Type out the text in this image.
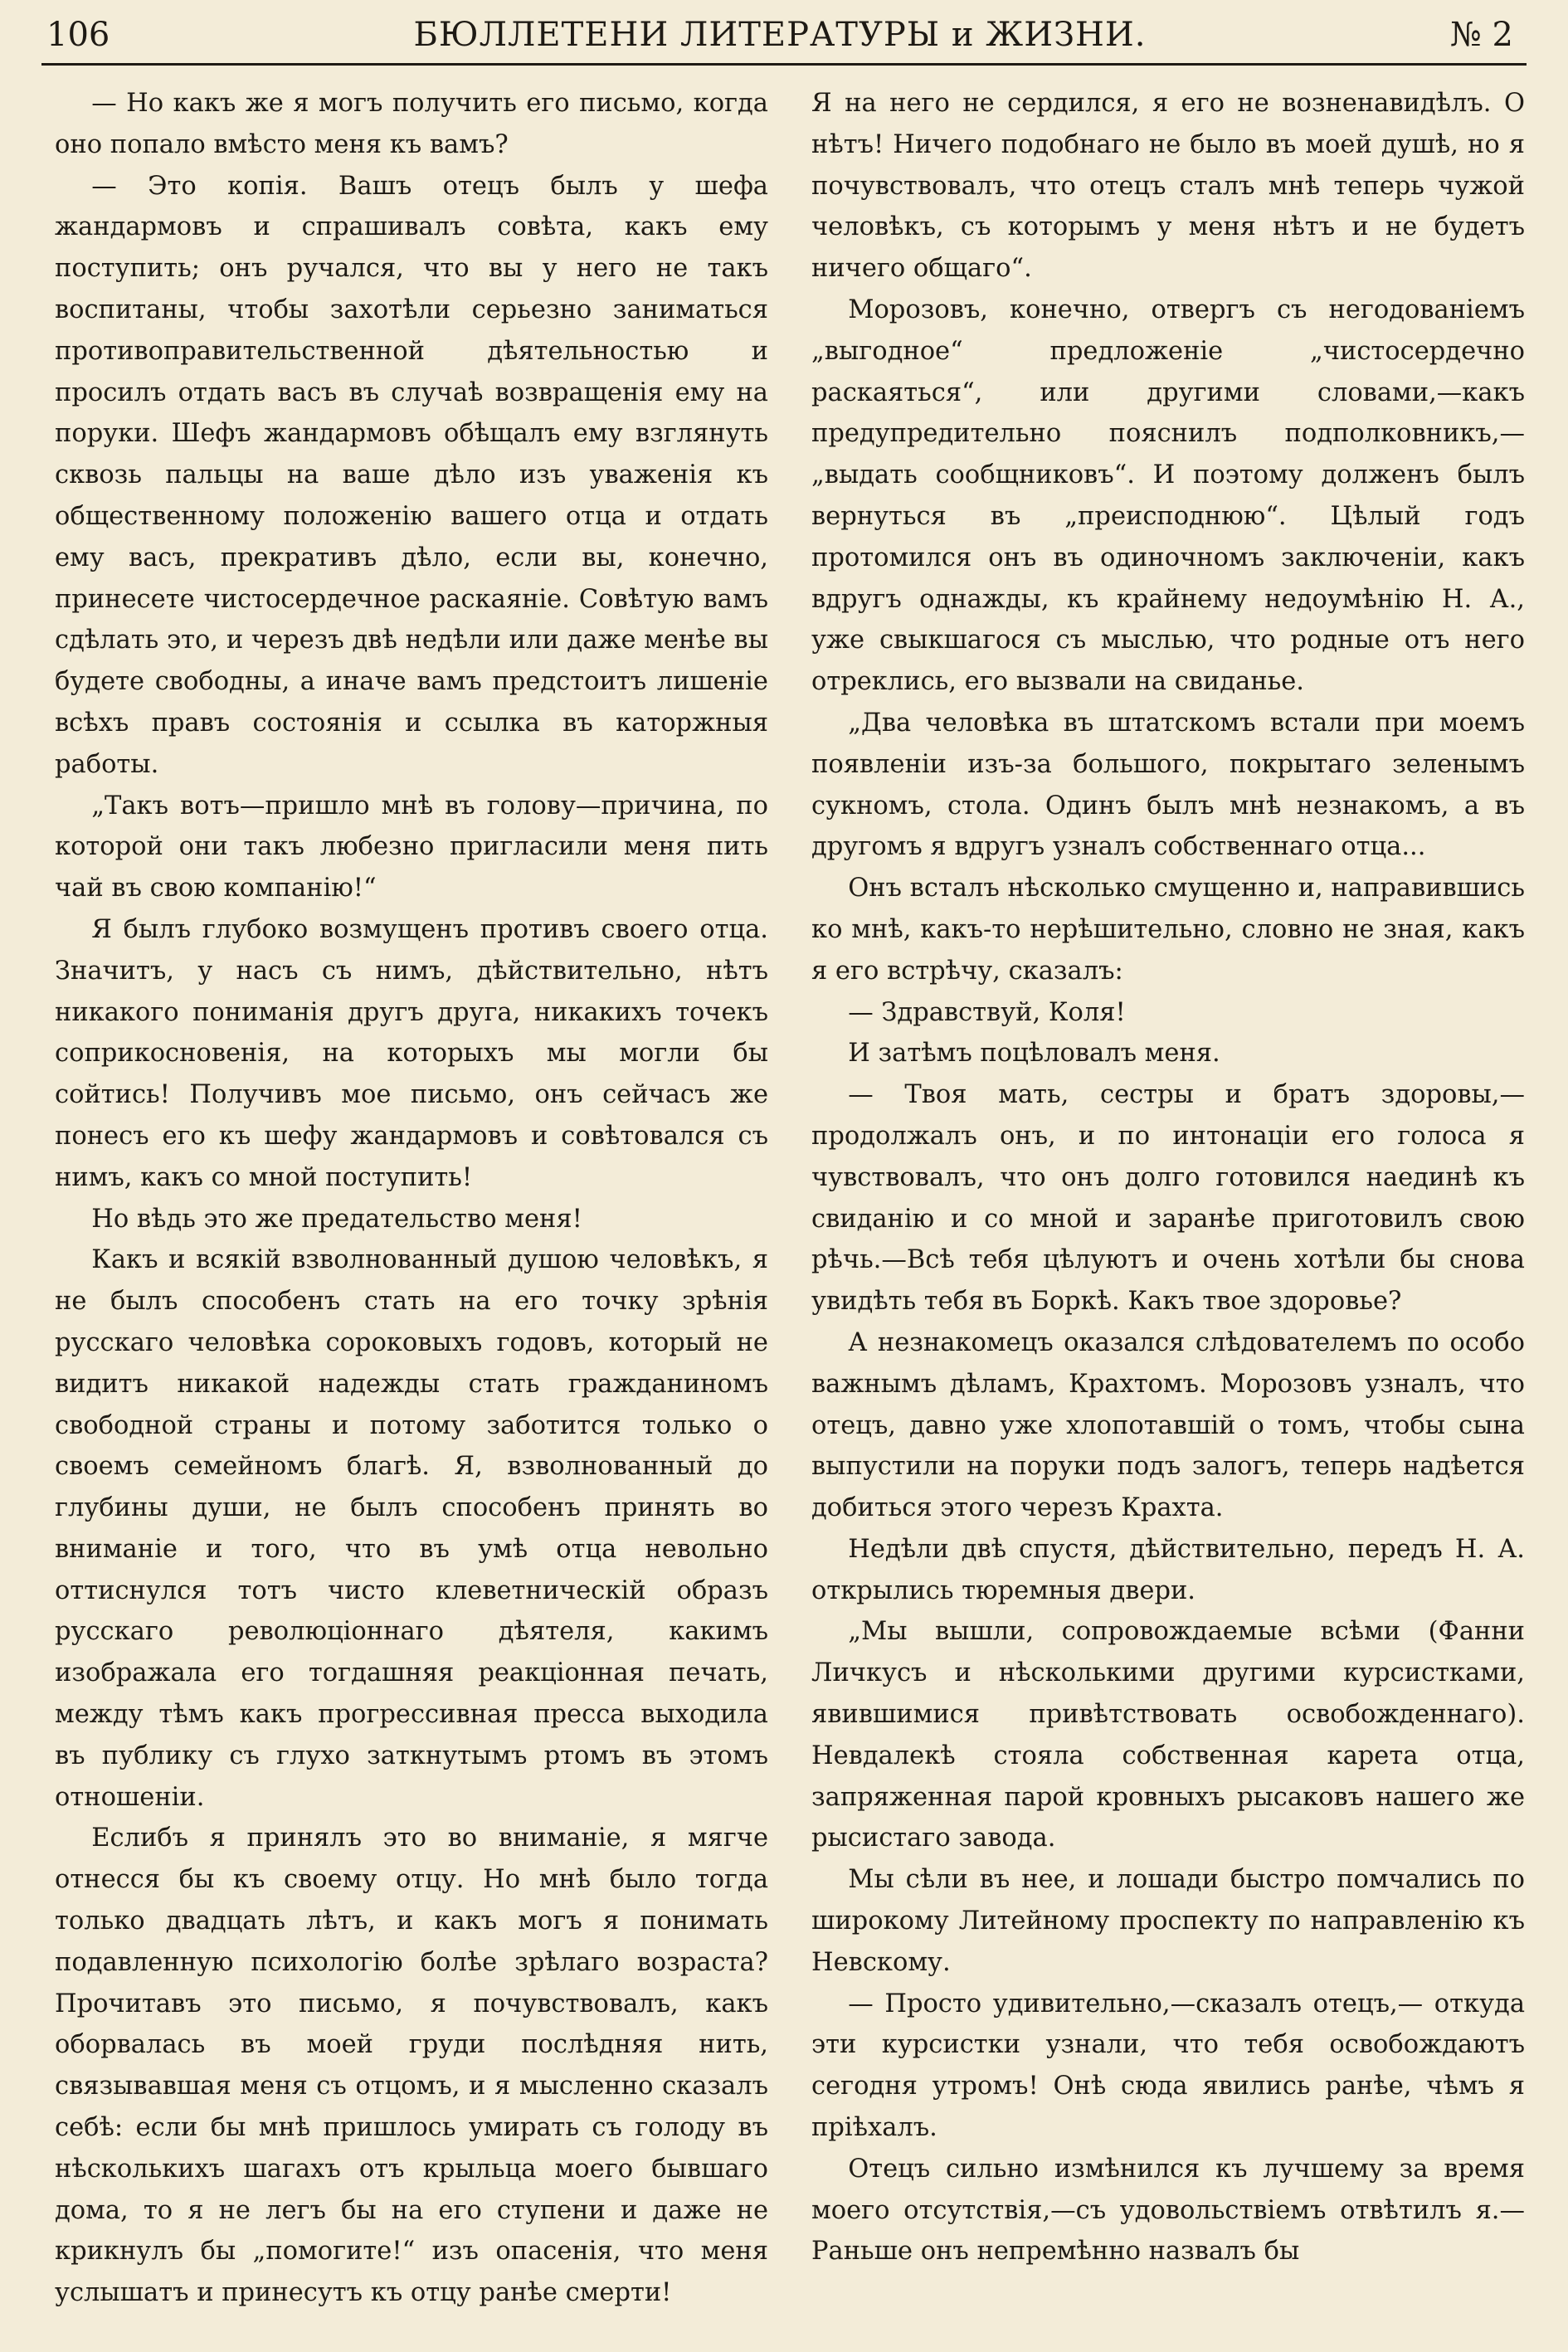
106	БЮЛЛЕТЕНИ ЛИТЕРАТУРЫ и ЖИЗНИ.	№ 2

— Но какъ же я могъ получить его письмо, когда оно попало вмѣсто меня къ вамъ?

— Это копія. Вашъ отецъ былъ у шефа жандармовъ и спрашивалъ совѣта, какъ ему поступить; онъ ручался, что вы у него не такъ воспитаны, чтобы захотѣли серьезно заниматься противоправительственной дѣятельностью и просилъ отдать васъ въ случаѣ возвращенія ему на поруки. Шефъ жандармовъ обѣщалъ ему взглянуть сквозь пальцы на ваше дѣло изъ уваженія къ общественному положенію вашего отца и отдать ему васъ, прекративъ дѣло, если вы, конечно, принесете чистосердечное раскаяніе. Совѣтую вамъ сдѣлать это, и черезъ двѣ недѣли или даже менѣе вы будете свободны, а иначе вамъ предстоитъ лишеніе всѣхъ правъ состоянія и ссылка въ каторжныя работы.

„Такъ вотъ—пришло мнѣ въ голову—причина, по которой они такъ любезно пригласили меня пить чай въ свою компанію!“

Я былъ глубоко возмущенъ противъ своего отца. Значитъ, у насъ съ нимъ, дѣйствительно, нѣтъ никакого пониманія другъ друга, никакихъ точекъ соприкосновенія, на которыхъ мы могли бы сойтись! Получивъ мое письмо, онъ сейчасъ же понесъ его къ шефу жандармовъ и совѣтовался съ нимъ, какъ со мной поступить!

Но вѣдь это же предательство меня!

Какъ и всякій взволнованный душою человѣкъ, я не былъ способенъ стать на его точку зрѣнія русскаго человѣка сороковыхъ годовъ, который не видитъ никакой надежды стать гражданиномъ свободной страны и потому заботится только о своемъ семейномъ благѣ. Я, взволнованный до глубины души, не былъ способенъ принять во вниманіе и того, что въ умѣ отца невольно оттиснулся тотъ чисто клеветническій образъ русскаго революціоннаго дѣятеля, какимъ изображала его тогдашняя реакціонная печать, между тѣмъ какъ прогрессивная пресса выходила въ публику съ глухо заткнутымъ ртомъ въ этомъ отношеніи.

Еслибъ я принялъ это во вниманіе, я мягче отнесся бы къ своему отцу. Но мнѣ было тогда только двадцать лѣтъ, и какъ могъ я понимать подавленную психологію болѣе зрѣлаго возраста? Прочитавъ это письмо, я почувствовалъ, какъ оборвалась въ моей груди послѣдняя нить, связывавшая меня съ отцомъ, и я мысленно сказалъ себѣ: если бы мнѣ пришлось умирать съ голоду въ нѣсколькихъ шагахъ отъ крыльца моего бывшаго дома, то я не легъ бы на его ступени и даже не крикнулъ бы „помогите!“ изъ опасенія, что меня услышатъ и принесутъ къ отцу ранѣе смерти!

Я на него не сердился, я его не возненавидѣлъ. О нѣтъ! Ничего подобнаго не было въ моей душѣ, но я почувствовалъ, что отецъ сталъ мнѣ теперь чужой человѣкъ, съ которымъ у меня нѣтъ и не будетъ ничего общаго“.

Морозовъ, конечно, отвергъ съ негодованіемъ „выгодное“ предложеніе „чистосердечно раскаяться“, или другими словами,—какъ предупредительно пояснилъ подполковникъ,—„выдать сообщниковъ“. И поэтому долженъ былъ вернуться въ „преисподнюю“. Цѣлый годъ протомился онъ въ одиночномъ заключеніи, какъ вдругъ однажды, къ крайнему недоумѣнію Н. А., уже свыкшагося съ мыслью, что родные отъ него отреклись, его вызвали на свиданье.

„Два человѣка въ штатскомъ встали при моемъ появленіи изъ-за большого, покрытаго зеленымъ сукномъ, стола. Одинъ былъ мнѣ незнакомъ, а въ другомъ я вдругъ узналъ собственнаго отца...

Онъ всталъ нѣсколько смущенно и, направившись ко мнѣ, какъ-то нерѣшительно, словно не зная, какъ я его встрѣчу, сказалъ:

— Здравствуй, Коля!

И затѣмъ поцѣловалъ меня.

— Твоя мать, сестры и братъ здоровы,— продолжалъ онъ, и по интонаціи его голоса я чувствовалъ, что онъ долго готовился наединѣ къ свиданію и со мной и заранѣе приготовилъ свою рѣчь.—Всѣ тебя цѣлуютъ и очень хотѣли бы снова увидѣть тебя въ Боркѣ. Какъ твое здоровье?

А незнакомецъ оказался слѣдователемъ по особо важнымъ дѣламъ, Крахтомъ. Морозовъ узналъ, что отецъ, давно уже хлопотавшій о томъ, чтобы сына выпустили на поруки подъ залогъ, теперь надѣется добиться этого черезъ Крахта.

Недѣли двѣ спустя, дѣйствительно, передъ Н. А. открылись тюремныя двери.

„Мы вышли, сопровождаемые всѣми (Фанни Личкусъ и нѣсколькими другими курсистками, явившимися привѣтствовать освобожденнаго). Невдалекѣ стояла собственная карета отца, запряженная парой кровныхъ рысаковъ нашего же рысистаго завода.

Мы сѣли въ нее, и лошади быстро помчались по широкому Литейному проспекту по направленію къ Невскому.

— Просто удивительно,—сказалъ отецъ,— откуда эти курсистки узнали, что тебя освобождаютъ сегодня утромъ! Онѣ сюда явились ранѣе, чѣмъ я пріѣхалъ.

Отецъ сильно измѣнился къ лучшему за время моего отсутствія,—съ удовольствіемъ отвѣтилъ я.—Раньше онъ непремѣнно назвалъ бы
